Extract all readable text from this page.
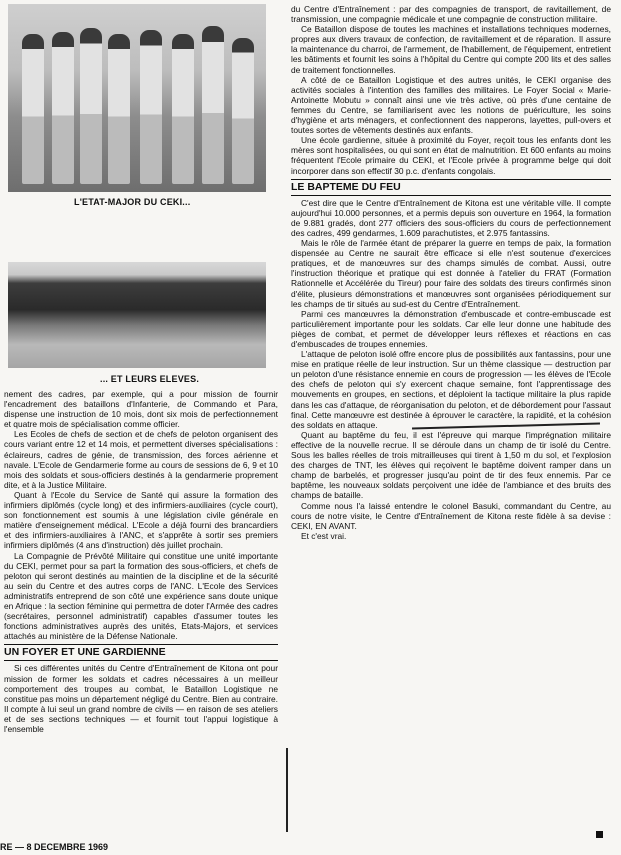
L'ETAT-MAJOR DU CEKI...
... ET LEURS ELEVES.

nement des cadres, par exemple, qui a pour mission de fournir l'encadrement des bataillons d'Infanterie, de Commando et Para, dispense une instruction de 10 mois, dont six mois de perfectionnement et quatre mois de spécialisation comme officier.

Les Ecoles de chefs de section et de chefs de peloton organisent des cours variant entre 12 et 14 mois, et permettent diverses spécialisations : éclaireurs, cadres de génie, de transmission, des forces aérienne et navale. L'Ecole de Gendarmerie forme au cours de sessions de 6, 9 et 10 mois des soldats et sous-officiers destinés à la gendarmerie proprement dite, et à la Justice Militaire.

Quant à l'Ecole du Service de Santé qui assure la formation des infirmiers diplômés (cycle long) et des infirmiers-auxiliaires (cycle court), son fonctionnement est soumis à une législation civile générale en matière d'enseignement médical. L'Ecole a déjà fourni des brancardiers et des infirmiers-auxiliaires à l'ANC, et s'apprête à sortir ses premiers infirmiers diplômés (4 ans d'instruction) dès juillet prochain.

La Compagnie de Prévôté Militaire qui constitue une unité importante du CEKI, permet pour sa part la formation des sous-officiers, et chefs de peloton qui seront destinés au maintien de la discipline et de la sécurité au sein du Centre et des autres corps de l'ANC. L'Ecole des Services administratifs entreprend de son côté une expérience sans doute unique en Afrique : la section féminine qui permettra de doter l'Armée des cadres (secrétaires, personnel administratif) capables d'assumer toutes les fonctions administratives auprès des unités, Etats-Majors, et services attachés au ministère de la Défense Nationale.

UN FOYER ET UNE GARDIENNE

Si ces différentes unités du Centre d'Entraînement de Kitona ont pour mission de former les soldats et cadres nécessaires à un meilleur comportement des troupes au combat, le Bataillon Logistique ne constitue pas moins un département négligé du Centre. Bien au contraire. Il compte à lui seul un grand nombre de civils — en raison de ses ateliers et de ses sections techniques — et fournit tout l'appui logistique à l'ensemble

du Centre d'Entraînement : par des compagnies de transport, de ravitaillement, de transmission, une compagnie médicale et une compagnie de construction militaire.

Ce Bataillon dispose de toutes les machines et installations techniques modernes, propres aux divers travaux de confection, de ravitaillement et de réparation. Il assure la maintenance du charroi, de l'armement, de l'habillement, de l'équipement, entretient les bâtiments et fournit les soins à l'hôpital du Centre qui compte 200 lits et des salles de traitement fonctionnelles.

A côté de ce Bataillon Logistique et des autres unités, le CEKI organise des activités sociales à l'intention des familles des militaires. Le Foyer Social « Marie-Antoinette Mobutu » connaît ainsi une vie très active, où près d'une centaine de femmes du Centre, se familiarisent avec les notions de puériculture, les soins d'hygiène et arts ménagers, et confectionnent des napperons, layettes, pull-overs et toutes sortes de vêtements destinés aux enfants.

Une école gardienne, située à proximité du Foyer, reçoit tous les enfants dont les mères sont hospitalisées, ou qui sont en état de malnutrition. Et 600 enfants au moins fréquentent l'Ecole primaire du CEKI, et l'Ecole privée à programme belge qui doit incorporer dans son effectif 30 p.c. d'enfants congolais.

LE BAPTEME DU FEU

C'est dire que le Centre d'Entraînement de Kitona est une véritable ville. Il compte aujourd'hui 10.000 personnes, et a permis depuis son ouverture en 1964, la formation de 9.881 gradés, dont 277 officiers des sous-officiers du cours de perfectionnement des cadres, 499 gendarmes, 1.609 parachutistes, et 2.975 fantassins.

Mais le rôle de l'armée étant de préparer la guerre en temps de paix, la formation dispensée au Centre ne saurait être efficace si elle n'est soutenue d'exercices pratiques, et de manœuvres sur des champs simulés de combat. Aussi, outre l'instruction théorique et pratique qui est donnée à l'atelier du FRAT (Formation Rationnelle et Accélérée du Tireur) pour faire des soldats des tireurs confirmés sinon d'élite, plusieurs démonstrations et manœuvres sont organisées périodiquement sur les champs de tir situés au sud-est du Centre d'Entraînement.

Parmi ces manœuvres la démonstration d'embuscade et contre-embuscade est particulièrement importante pour les soldats. Car elle leur donne une habitude des pièges de combat, et permet de développer leurs réflexes et réactions en cas d'embuscades de troupes ennemies.

L'attaque de peloton isolé offre encore plus de possibilités aux fantassins, pour une mise en pratique réelle de leur instruction. Sur un thème classique — destruction par un peloton d'une résistance ennemie en cours de progression — les élèves de l'Ecole des chefs de peloton qui s'y exercent chaque semaine, font l'apprentissage des mouvements en groupes, en sections, et déploient la tactique militaire la plus rapide dans les cas d'attaque, de réorganisation du peloton, et de débordement pour l'assaut final. Cette manœuvre est destinée à éprouver le caractère, la rapidité, et la cohésion des soldats en attaque.

Quant au baptême du feu, il est l'épreuve qui marque l'imprégnation militaire effective de la nouvelle recrue. Il se déroule dans un champ de tir isolé du Centre. Sous les balles réelles de trois mitrailleuses qui tirent à 1,50 m du sol, et l'explosion des charges de TNT, les élèves qui reçoivent le baptême doivent ramper dans un champ de barbelés, et progresser jusqu'au point de tir des feux ennemis. Par ce baptême, les nouveaux soldats perçoivent une idée de l'ambiance et des bruits des champs de bataille.

Comme nous l'a laissé entendre le colonel Basuki, commandant du Centre, au cours de notre visite, le Centre d'Entraînement de Kitona reste fidèle à sa devise : CEKI, EN AVANT.

Et c'est vrai.

RE — 8 DECEMBRE 1969
